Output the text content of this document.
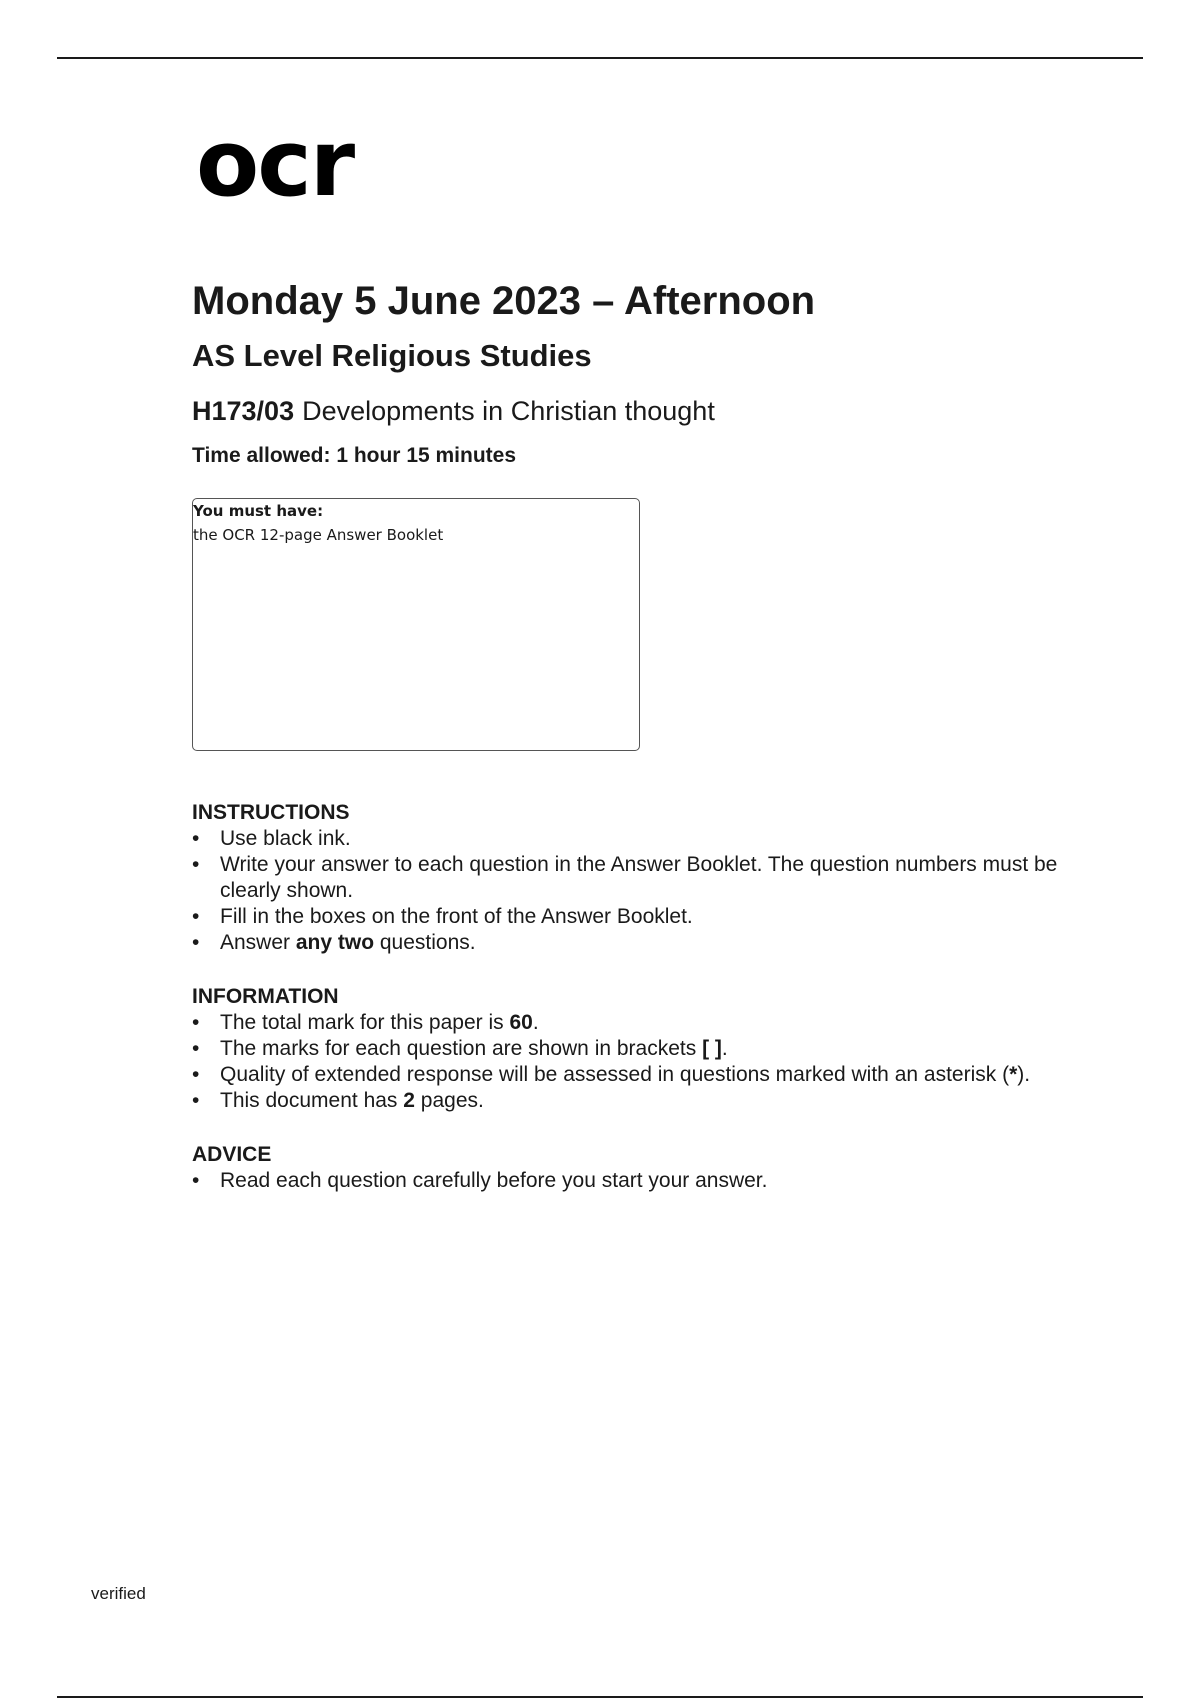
ocr
Monday 5 June 2023 – Afternoon
AS Level Religious Studies
H173/03 Developments in Christian thought
Time allowed: 1 hour 15 minutes
You must have:
the OCR 12-page Answer Booklet

INSTRUCTIONS

• Use black ink.
• Write your answer to each question in the Answer Booklet. The question numbers must be clearly shown.
• Fill in the boxes on the front of the Answer Booklet.
• Answer any two questions.

INFORMATION

• The total mark for this paper is 60.
• The marks for each question are shown in brackets [ ].
• Quality of extended response will be assessed in questions marked with an asterisk (*).
• This document has 2 pages.

ADVICE

• Read each question carefully before you start your answer.
verified
